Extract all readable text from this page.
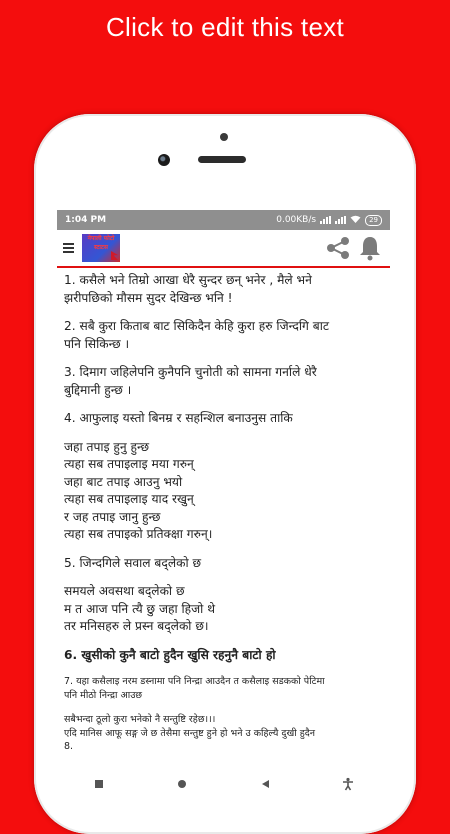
Click to edit this text
1:04 PM	0.00KB/s	29
नेपाली फोटो स्टाटस
1. कसैले भने तिम्रो आखा धेरै सुन्दर छन् भनेर , मैले भने
झरीपछिको मौसम सुदर देखिन्छ भनि !
2. सबै कुरा किताब बाट सिकिदैन केहि कुरा हरु जिन्दगि बाट
पनि सिकिन्छ ।
3. दिमाग जहिलेपनि कुनैपनि चुनोती को सामना गर्नाले धेरै
बुद्दिमानी हुन्छ ।
4. आफुलाइ यस्तो बिनम्र र सहन्शिल बनाउनुस ताकि
जहा तपाइ हुनु हुन्छ
त्यहा सब तपाइलाइ मया गरुन्
जहा बाट तपाइ आउनु भयो
त्यहा सब तपाइलाइ याद रखुन्
र जह तपाइ जानु हुन्छ
त्यहा सब तपाइको प्रतिक्क्षा गरुन्।
5. जिन्दगिले सवाल बद्लेको छ
समयले अवसथा बद्लेको छ
म त आज पनि त्यै छु जहा हिजो थे
तर मनिसहरु ले प्रस्न बद्लेको छ।
6. खुसीको कुनै बाटो हुदैन खुसि रहनुनै बाटो हो
7. यहा कसैलाइ नरम डस्नामा पनि निन्द्रा आउदैन त कसैलाइ सडकको पेटिमा
पनि मीठो निन्द्रा आउछ
सबैभन्दा ठूलो कुरा भनेको नै सन्तुष्टि रहेछ।।।
एदि मानिस आफू सङ्ग जे छ तेसैमा सन्तुष्ट हुने हो भने उ कहिल्यै दुखी हुदैन
8.
